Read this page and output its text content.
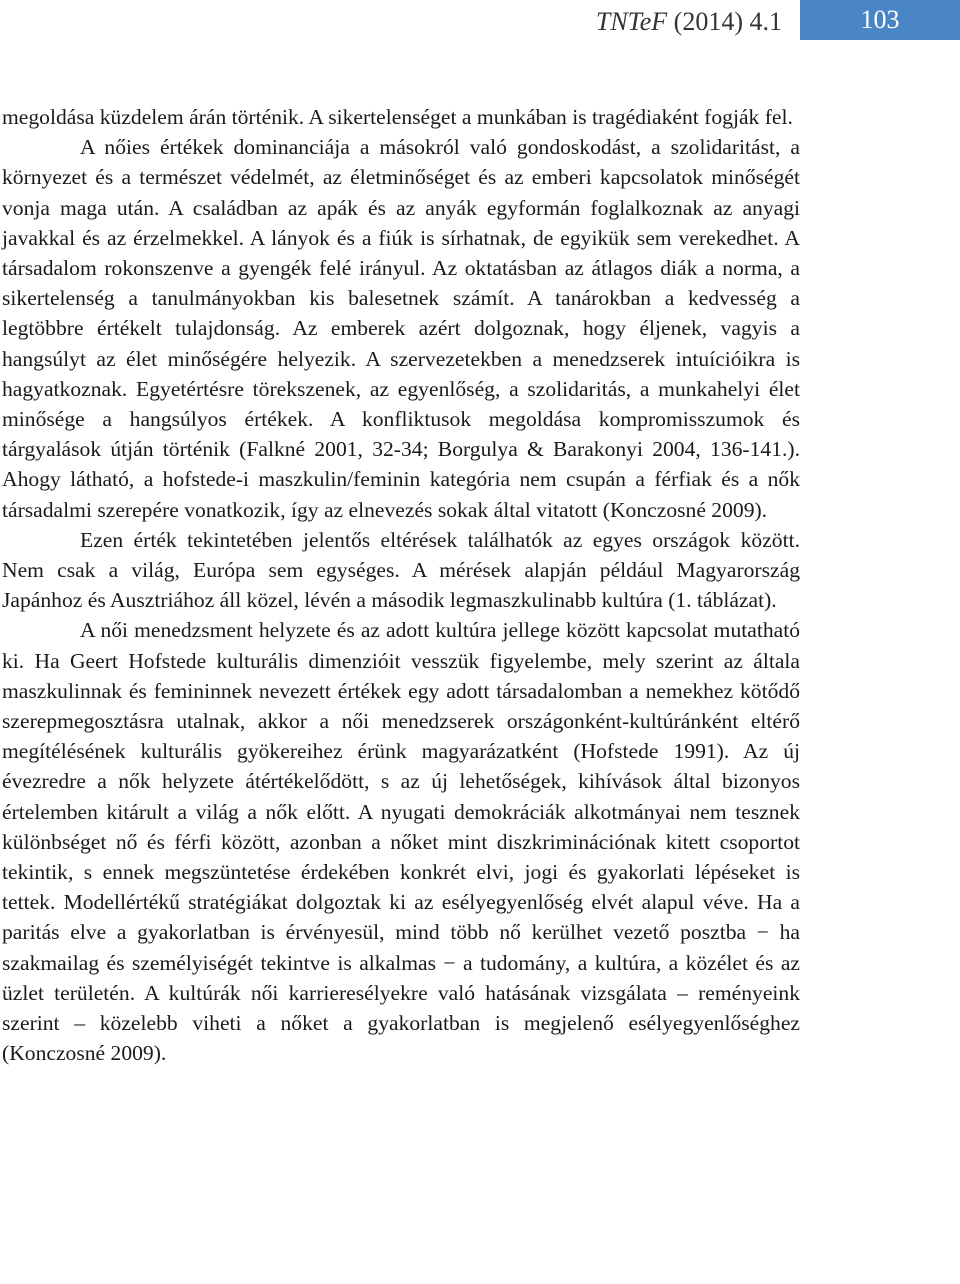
TNTeF (2014) 4.1	103

megoldása küzdelem árán történik. A sikertelenséget a munkában is tragédiaként fogják fel.

A nőies értékek dominanciája a másokról való gondoskodást, a szolidaritást, a környezet és a természet védelmét, az életminőséget és az emberi kapcsolatok minőségét vonja maga után. A családban az apák és az anyák egyformán foglalkoznak az anyagi javakkal és az érzelmekkel. A lányok és a fiúk is sírhatnak, de egyikük sem verekedhet. A társadalom rokonszenve a gyengék felé irányul. Az oktatásban az átlagos diák a norma, a sikertelenség a tanulmányokban kis balesetnek számít. A tanárokban a kedvesség a legtöbbre értékelt tulajdonság. Az emberek azért dolgoznak, hogy éljenek, vagyis a hangsúlyt az élet minőségére helyezik. A szervezetekben a menedzserek intuícióikra is hagyatkoznak. Egyetértésre törekszenek, az egyenlőség, a szolidaritás, a munkahelyi élet minősége a hangsúlyos értékek. A konfliktusok megoldása kompromisszumok és tárgyalások útján történik (Falkné 2001, 32-34; Borgulya & Barakonyi 2004, 136-141.). Ahogy látható, a hofstede-i maszkulin/feminin kategória nem csupán a férfiak és a nők társadalmi szerepére vonatkozik, így az elnevezés sokak által vitatott (Konczosné 2009).

Ezen érték tekintetében jelentős eltérések találhatók az egyes országok között. Nem csak a világ, Európa sem egységes. A mérések alapján például Magyarország Japánhoz és Ausztriához áll közel, lévén a második legmaszkulinabb kultúra (1. táblázat).

A női menedzsment helyzete és az adott kultúra jellege között kapcsolat mutatható ki. Ha Geert Hofstede kulturális dimenzióit vesszük figyelembe, mely szerint az általa maszkulinnak és femininnek nevezett értékek egy adott társadalomban a nemekhez kötődő szerepmegosztásra utalnak, akkor a női menedzserek országonként-kultúránként eltérő megítélésének kulturális gyökereihez érünk magyarázatként (Hofstede 1991). Az új évezredre a nők helyzete átértékelődött, s az új lehetőségek, kihívások által bizonyos értelemben kitárult a világ a nők előtt. A nyugati demokráciák alkotmányai nem tesznek különbséget nő és férfi között, azonban a nőket mint diszkriminációnak kitett csoportot tekintik, s ennek megszüntetése érdekében konkrét elvi, jogi és gyakorlati lépéseket is tettek. Modellértékű stratégiákat dolgoztak ki az esélyegyenlőség elvét alapul véve. Ha a paritás elve a gyakorlatban is érvényesül, mind több nő kerülhet vezető posztba − ha szakmailag és személyiségét tekintve is alkalmas − a tudomány, a kultúra, a közélet és az üzlet területén. A kultúrák női karrieresélyekre való hatásának vizsgálata – reményeink szerint – közelebb viheti a nőket a gyakorlatban is megjelenő esélyegyenlőséghez (Konczosné 2009).
